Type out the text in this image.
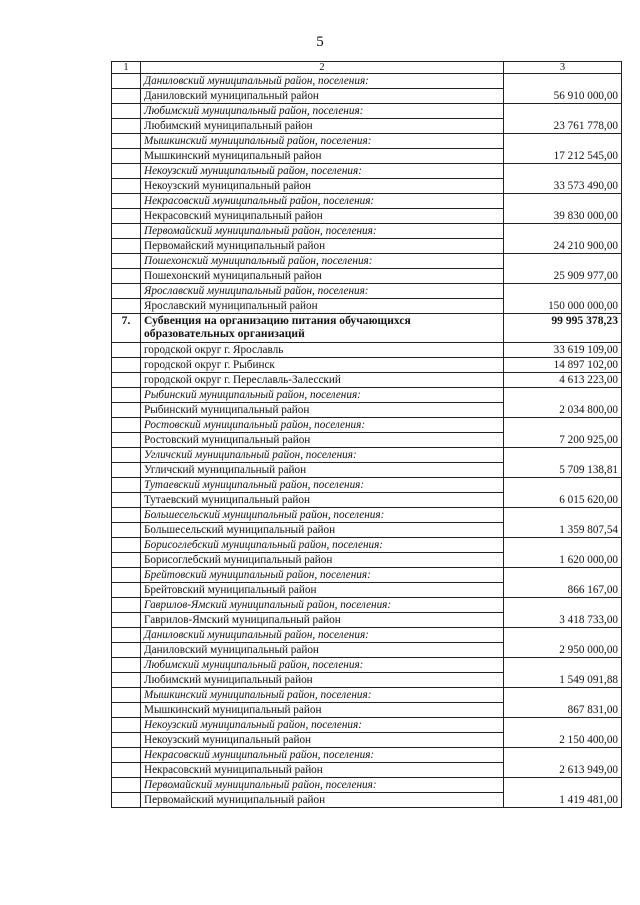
5
1	2	3
	Даниловский муниципальный район, поселения:	
	Даниловский муниципальный район	56 910 000,00
	Любимский муниципальный район, поселения:	
	Любимский муниципальный район	23 761 778,00
	Мышкинский муниципальный район, поселения:	
	Мышкинский муниципальный район	17 212 545,00
	Некоузский муниципальный район, поселения:	
	Некоузский муниципальный район	33 573 490,00
	Некрасовский муниципальный район, поселения:	
	Некрасовский муниципальный район	39 830 000,00
	Первомайский муниципальный район, поселения:	
	Первомайский муниципальный район	24 210 900,00
	Пошехонский муниципальный район, поселения:	
	Пошехонский муниципальный район	25 909 977,00
	Ярославский муниципальный район, поселения:	
	Ярославский муниципальный район	150 000 000,00
7.	Субвенция на организацию питания обучающихся образовательных организаций	99 995 378,23
	городской округ г. Ярославль	33 619 109,00
	городской округ г. Рыбинск	14 897 102,00
	городской округ г. Переславль-Залесский	4 613 223,00
	Рыбинский муниципальный район, поселения:	
	Рыбинский муниципальный район	2 034 800,00
	Ростовский муниципальный район, поселения:	
	Ростовский муниципальный район	7 200 925,00
	Угличский муниципальный район, поселения:	
	Угличский муниципальный район	5 709 138,81
	Тутаевский муниципальный район, поселения:	
	Тутаевский муниципальный район	6 015 620,00
	Большесельский муниципальный район, поселения:	
	Большесельский муниципальный район	1 359 807,54
	Борисоглебский муниципальный район, поселения:	
	Борисоглебский муниципальный район	1 620 000,00
	Брейтовский муниципальный район, поселения:	
	Брейтовский муниципальный район	866 167,00
	Гаврилов-Ямский муниципальный район, поселения:	
	Гаврилов-Ямский муниципальный район	3 418 733,00
	Даниловский муниципальный район, поселения:	
	Даниловский муниципальный район	2 950 000,00
	Любимский муниципальный район, поселения:	
	Любимский муниципальный район	1 549 091,88
	Мышкинский муниципальный район, поселения:	
	Мышкинский муниципальный район	867 831,00
	Некоузский муниципальный район, поселения:	
	Некоузский муниципальный район	2 150 400,00
	Некрасовский муниципальный район, поселения:	
	Некрасовский муниципальный район	2 613 949,00
	Первомайский муниципальный район, поселения:	
	Первомайский муниципальный район	1 419 481,00
